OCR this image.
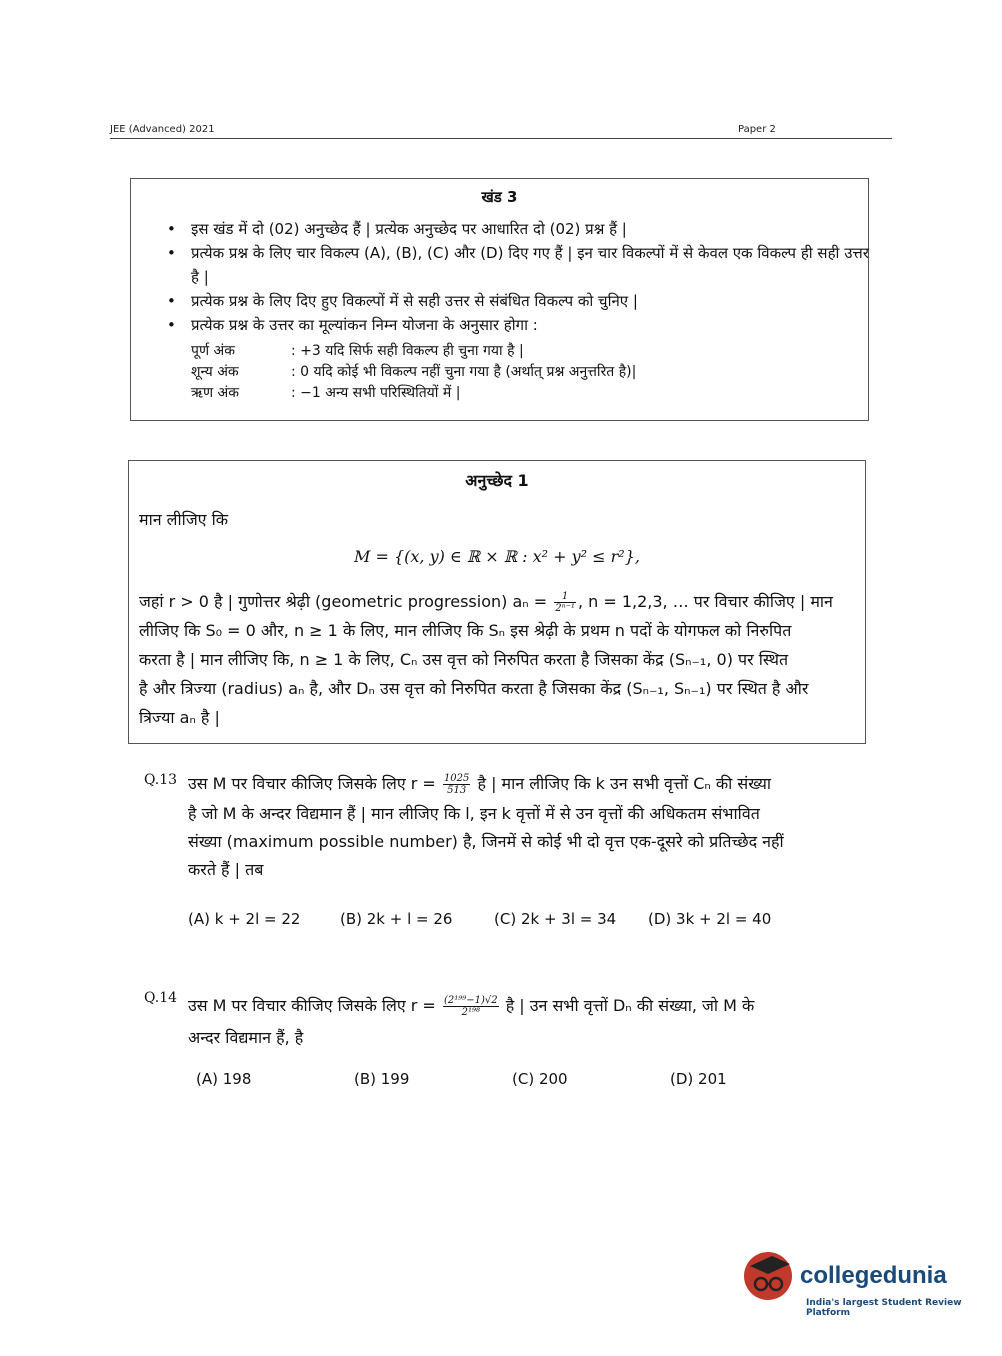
JEE (Advanced) 2021	Paper 2
खंड 3
• इस खंड में दो (02) अनुच्छेद हैं | प्रत्येक अनुच्छेद पर आधारित दो (02) प्रश्न हैं |
• प्रत्येक प्रश्न के लिए चार विकल्प (A), (B), (C) और (D) दिए गए हैं | इन चार विकल्पों में से केवल एक विकल्प ही सही उत्तर है |
• प्रत्येक प्रश्न के लिए दिए हुए विकल्पों में से सही उत्तर से संबंधित विकल्प को चुनिए |
• प्रत्येक प्रश्न के उत्तर का मूल्यांकन निम्न योजना के अनुसार होगा :
पूर्ण अंक	: +3 यदि सिर्फ सही विकल्प ही चुना गया है |
शून्य अंक	: 0 यदि कोई भी विकल्प नहीं चुना गया है (अर्थात् प्रश्न अनुत्तरित है)|
ऋण अंक	: −1 अन्य सभी परिस्थितियों में |
अनुच्छेद 1
मान लीजिए कि
M = {(x, y) ∈ ℝ × ℝ : x² + y² ≤ r²},
जहां r > 0 है | गुणोत्तर श्रेढ़ी (geometric progression) $a_n = \frac{1}{\text{2ⁿ⁻¹}}$ , n = 1,2,3, … पर विचार कीजिए | मान
लीजिए कि S₀ = 0 और, n ≥ 1 के लिए, मान लीजिए कि Sₙ इस श्रेढ़ी के प्रथम n पदों के योगफल को निरुपित
करता है | मान लीजिए कि, n ≥ 1 के लिए, Cₙ उस वृत्त को निरुपित करता है जिसका केंद्र (Sₙ₋₁, 0) पर स्थित
है और त्रिज्या (radius) aₙ है, और Dₙ उस वृत्त को निरुपित करता है जिसका केंद्र (Sₙ₋₁, Sₙ₋₁) पर स्थित है और
त्रिज्या aₙ है |
Q.13 उस M पर विचार कीजिए जिसके लिए $r = \frac{1025}{513}$ है | मान लीजिए कि k उन सभी वृत्तों Cₙ की संख्या
है जो M के अन्दर विद्यमान हैं | मान लीजिए कि l, इन k वृत्तों में से उन वृत्तों की अधिकतम संभावित
संख्या (maximum possible number) है, जिनमें से कोई भी दो वृत्त एक-दूसरे को प्रतिच्छेद नहीं
करते हैं | तब
(A) k + 2l = 22	(B) 2k + l = 26	(C) 2k + 3l = 34 (D) 3k + 2l = 40
Q.14 उस M पर विचार कीजिए जिसके लिए $r = \frac{\text{(2¹⁹⁹−1)√2}}{\text{2¹⁹⁸}}$ है | उन सभी वृत्तों Dₙ की संख्या, जो M के
अन्दर विद्यमान हैं, है
(A) 198	(B) 199	(C) 200	(D) 201
collegedunia
India's largest Student Review Platform
